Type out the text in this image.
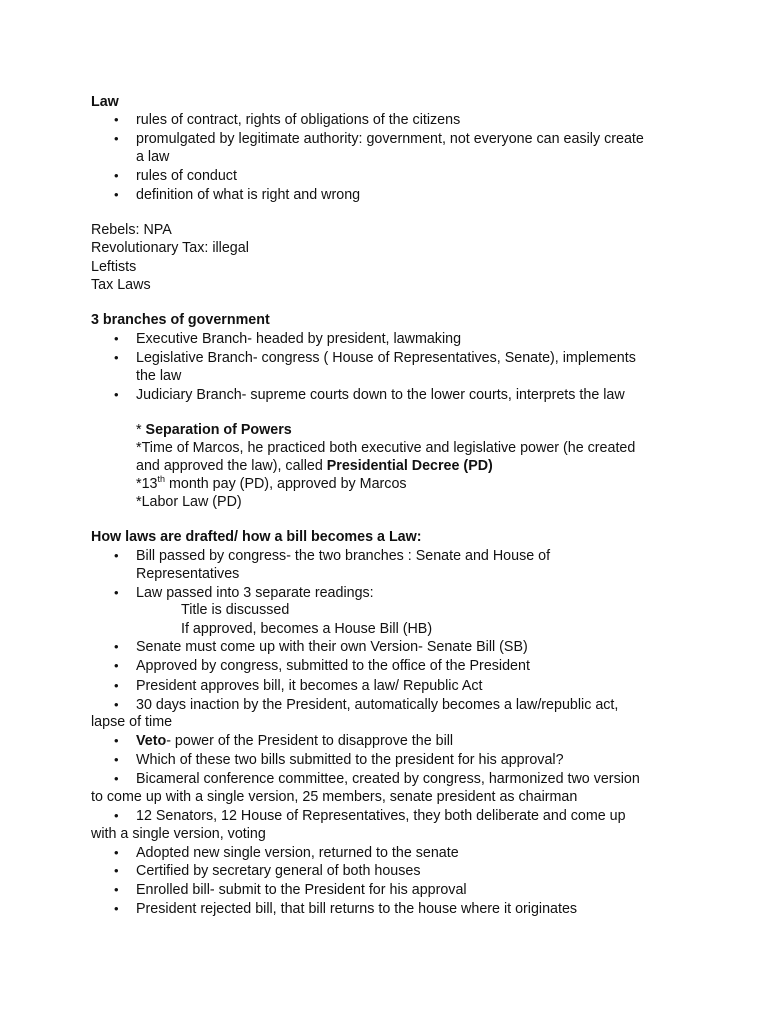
Law
• rules of contract, rights of obligations of the citizens
• promulgated by legitimate authority: government, not everyone can easily create
a law
• rules of conduct
• definition of what is right and wrong
Rebels: NPA
Revolutionary Tax: illegal
Leftists
Tax Laws
3 branches of government
• Executive Branch- headed by president, lawmaking
• Legislative Branch- congress ( House of Representatives, Senate), implements
the law
• Judiciary Branch- supreme courts down to the lower courts, interprets the law
* Separation of Powers
*Time of Marcos, he practiced both executive and legislative power (he created
and approved the law), called Presidential Decree (PD)
*13th month pay (PD), approved by Marcos
*Labor Law (PD)
How laws are drafted/ how a bill becomes a Law:
• Bill passed by congress- the two branches : Senate and House of
Representatives
• Law passed into 3 separate readings:
Title is discussed
If approved, becomes a House Bill (HB)
• Senate must come up with their own Version- Senate Bill (SB)
• Approved by congress, submitted to the office of the President
• President approves bill, it becomes a law/ Republic Act
• 30 days inaction by the President, automatically becomes a law/republic act,
lapse of time
• Veto- power of the President to disapprove the bill
• Which of these two bills submitted to the president for his approval?
• Bicameral conference committee, created by congress, harmonized two version
to come up with a single version, 25 members, senate president as chairman
• 12 Senators, 12 House of Representatives, they both deliberate and come up
with a single version, voting
• Adopted new single version, returned to the senate
• Certified by secretary general of both houses
• Enrolled bill- submit to the President for his approval
• President rejected bill, that bill returns to the house where it originates
